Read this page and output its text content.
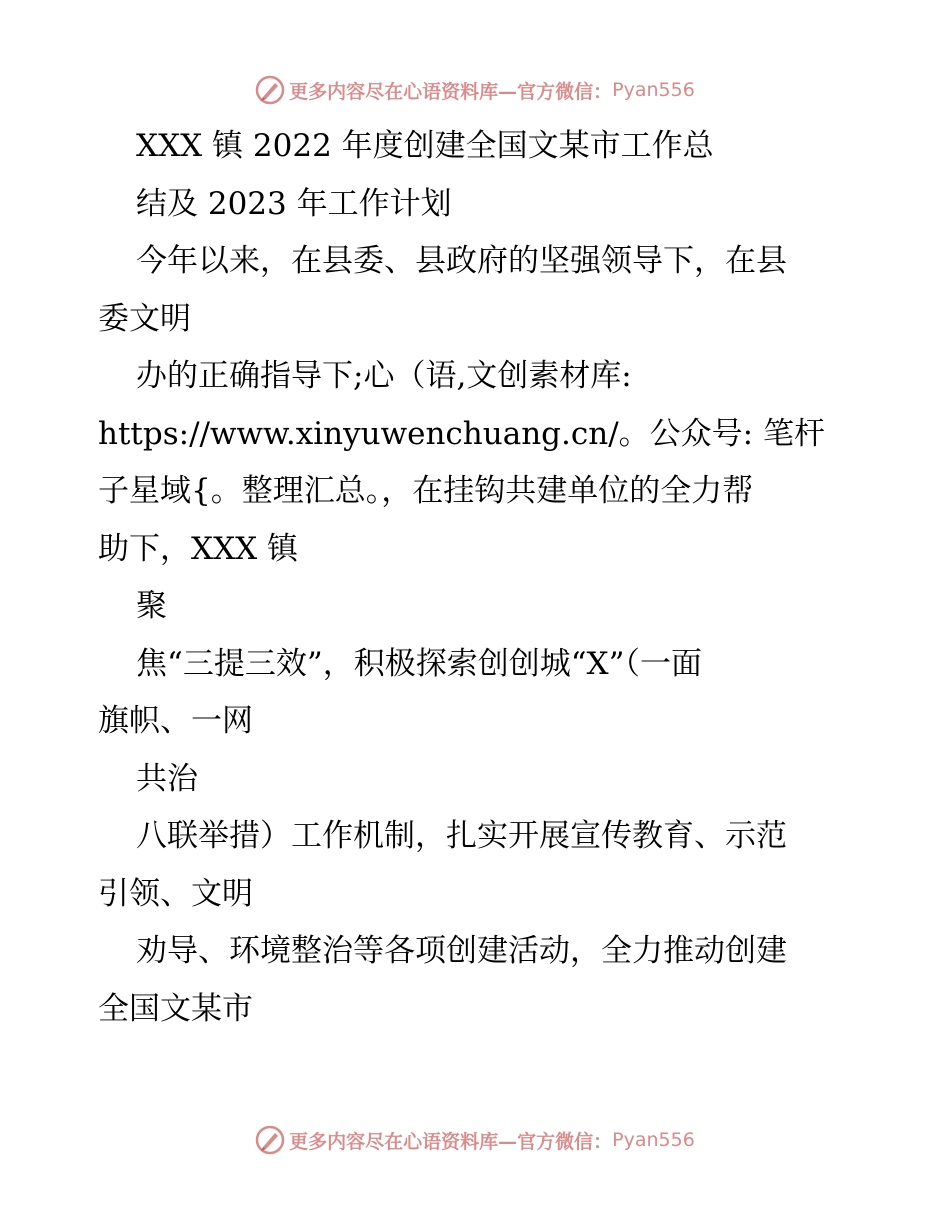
更多内容尽在心语资料库—官方微信： Pyan556
XXX 镇 2022 年度创建全国文某市工作总
结及 2023 年工作计划
今年以来，在县委、县政府的坚强领导下，在县
委文明
办的正确指导下;心（语,文创素材库:
https://www.xinyuwenchuang.cn/。公众号: 笔杆
子星域{。整理汇总。，在挂钩共建单位的全力帮
助下，XXX 镇
聚
焦“三提三效”，积极探索创创城“X”（一面
旗帜、一网
共治
八联举措）工作机制，扎实开展宣传教育、示范
引领、文明
劝导、环境整治等各项创建活动，全力推动创建
全国文某市
更多内容尽在心语资料库—官方微信： Pyan556
